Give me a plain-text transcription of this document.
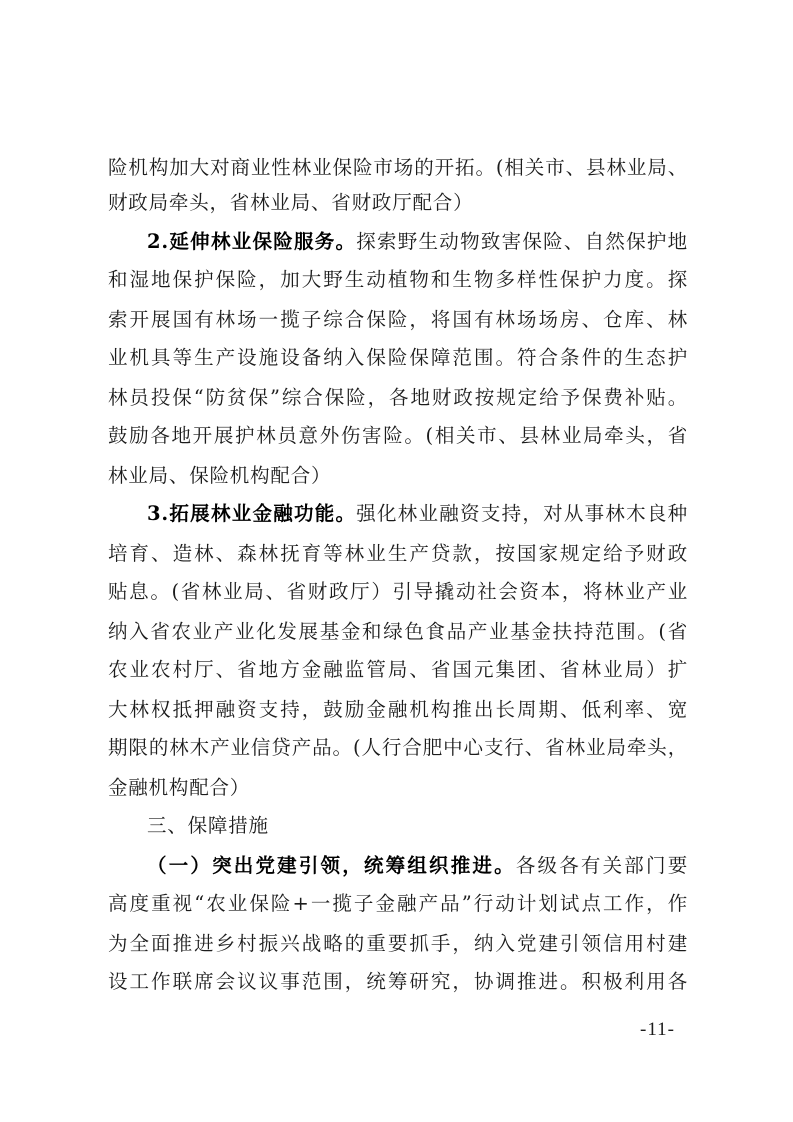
险机构加大对商业性林业保险市场的开拓。(相关市、县林业局、
财政局牵头，省林业局、省财政厅配合）
2.延伸林业保险服务。探索野生动物致害保险、自然保护地
和湿地保护保险，加大野生动植物和生物多样性保护力度。探
索开展国有林场一揽子综合保险，将国有林场场房、仓库、林
业机具等生产设施设备纳入保险保障范围。符合条件的生态护
林员投保“防贫保”综合保险，各地财政按规定给予保费补贴。
鼓励各地开展护林员意外伤害险。(相关市、县林业局牵头，省
林业局、保险机构配合）
3.拓展林业金融功能。强化林业融资支持，对从事林木良种
培育、造林、森林抚育等林业生产贷款，按国家规定给予财政
贴息。(省林业局、省财政厅）引导撬动社会资本，将林业产业
纳入省农业产业化发展基金和绿色食品产业基金扶持范围。(省
农业农村厅、省地方金融监管局、省国元集团、省林业局）扩
大林权抵押融资支持，鼓励金融机构推出长周期、低利率、宽
期限的林木产业信贷产品。(人行合肥中心支行、省林业局牵头，
金融机构配合）
三、保障措施
（一）突出党建引领，统筹组织推进。各级各有关部门要
高度重视“农业保险+一揽子金融产品”行动计划试点工作，作
为全面推进乡村振兴战略的重要抓手，纳入党建引领信用村建
设工作联席会议议事范围，统筹研究，协调推进。积极利用各
-11-
